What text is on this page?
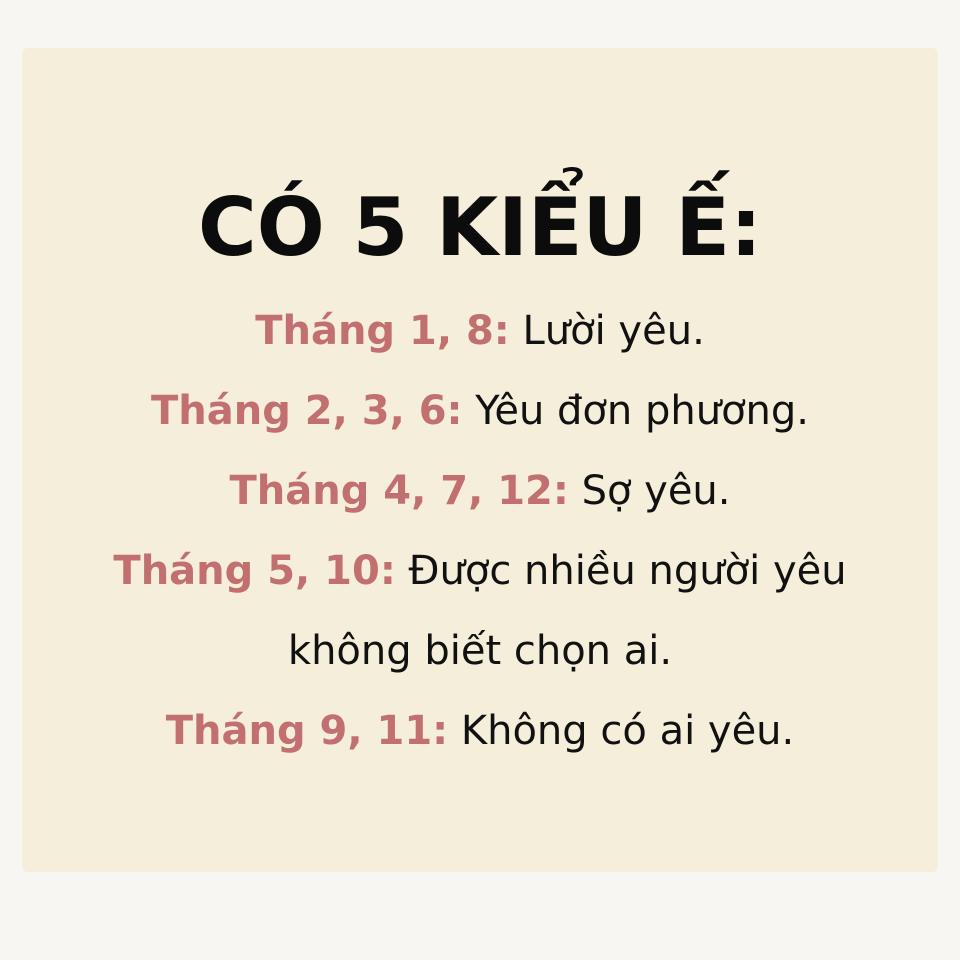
CÓ 5 KIỂU Ế:
Tháng 1, 8: Lười yêu.
Tháng 2, 3, 6: Yêu đơn phương.
Tháng 4, 7, 12: Sợ yêu.
Tháng 5, 10: Được nhiều người yêu
không biết chọn ai.
Tháng 9, 11: Không có ai yêu.
